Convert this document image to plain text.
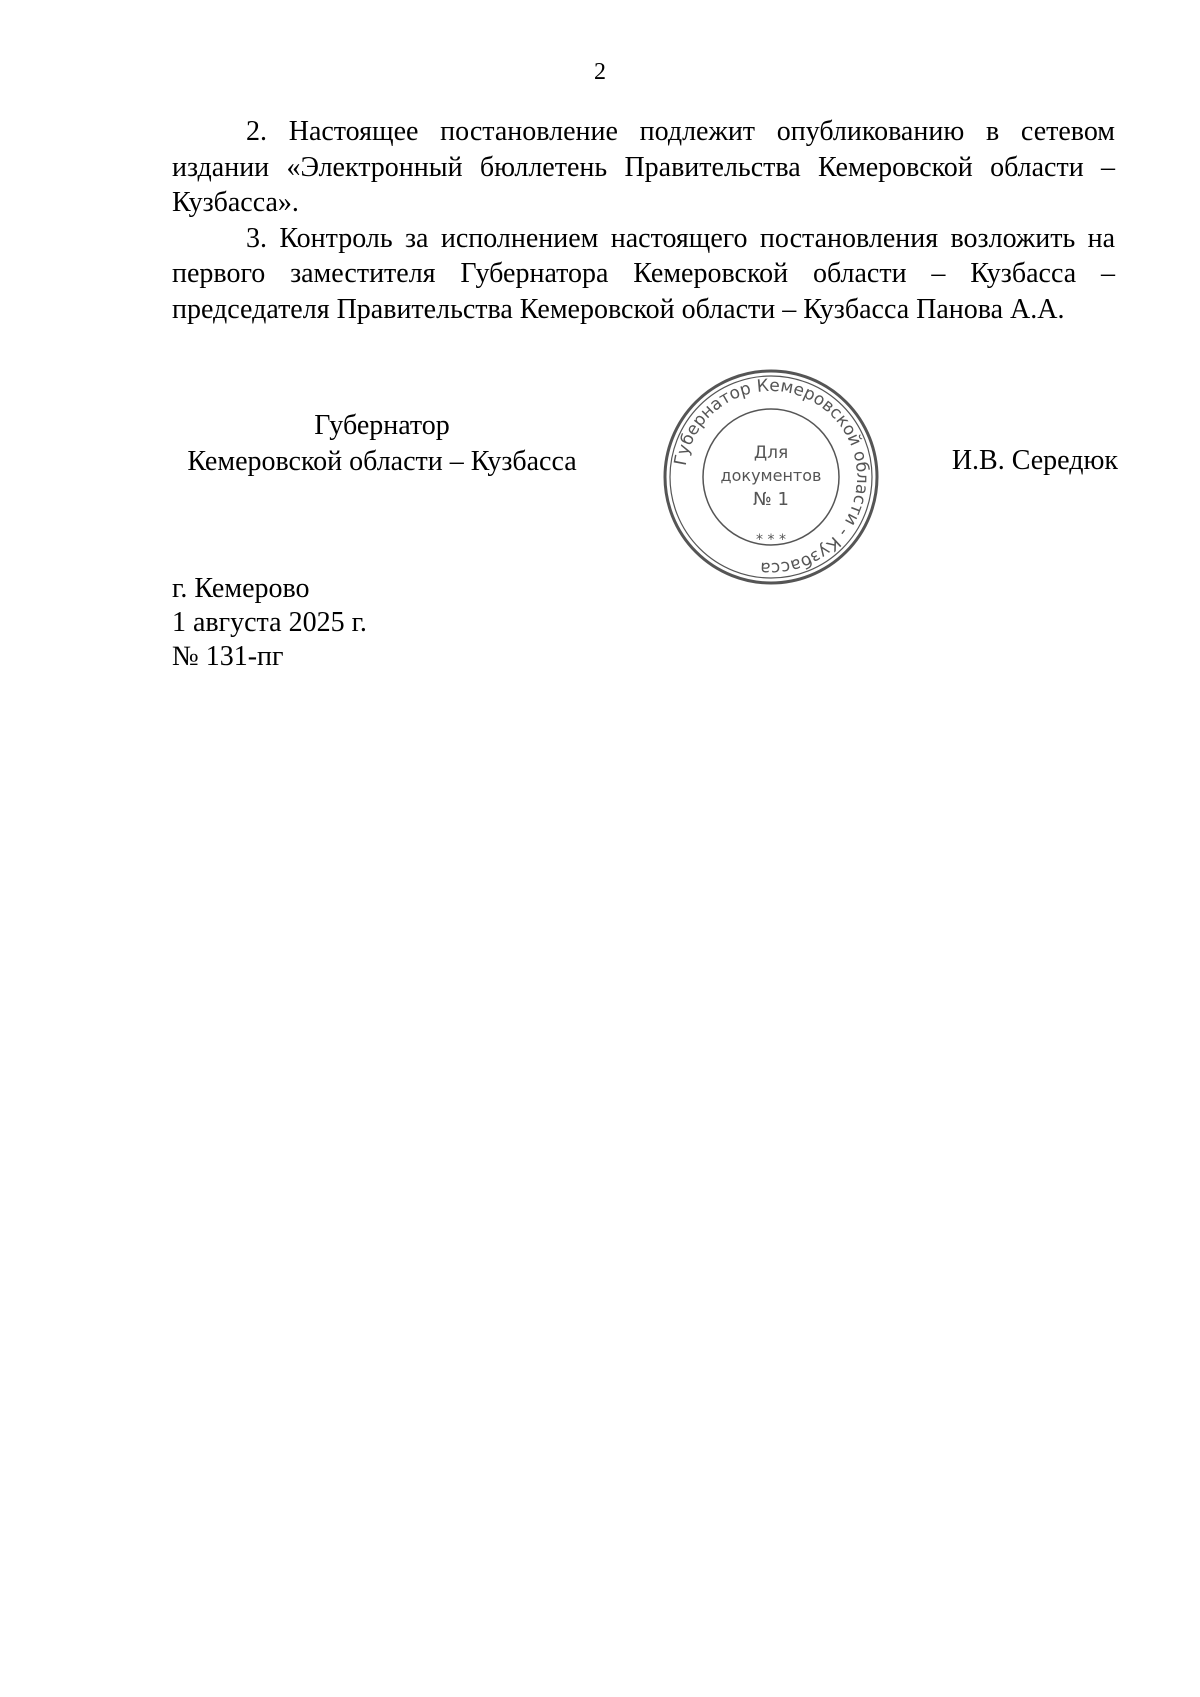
2

2. Настоящее постановление подлежит опубликованию в сетевом издании «Электронный бюллетень Правительства Кемеровской области – Кузбасса».

3. Контроль за исполнением настоящего постановления возложить на первого заместителя Губернатора Кемеровской области – Кузбасса – председателя Правительства Кемеровской области – Кузбасса Панова А.А.

Губернатор
Кемеровской области – Кузбасса	Губернатор Кемеровской области - Кузбасса
* * *
Для
документов
№ 1
И.В. Середюк
г. Кемерово
1 августа 2025 г.
№ 131-пг
